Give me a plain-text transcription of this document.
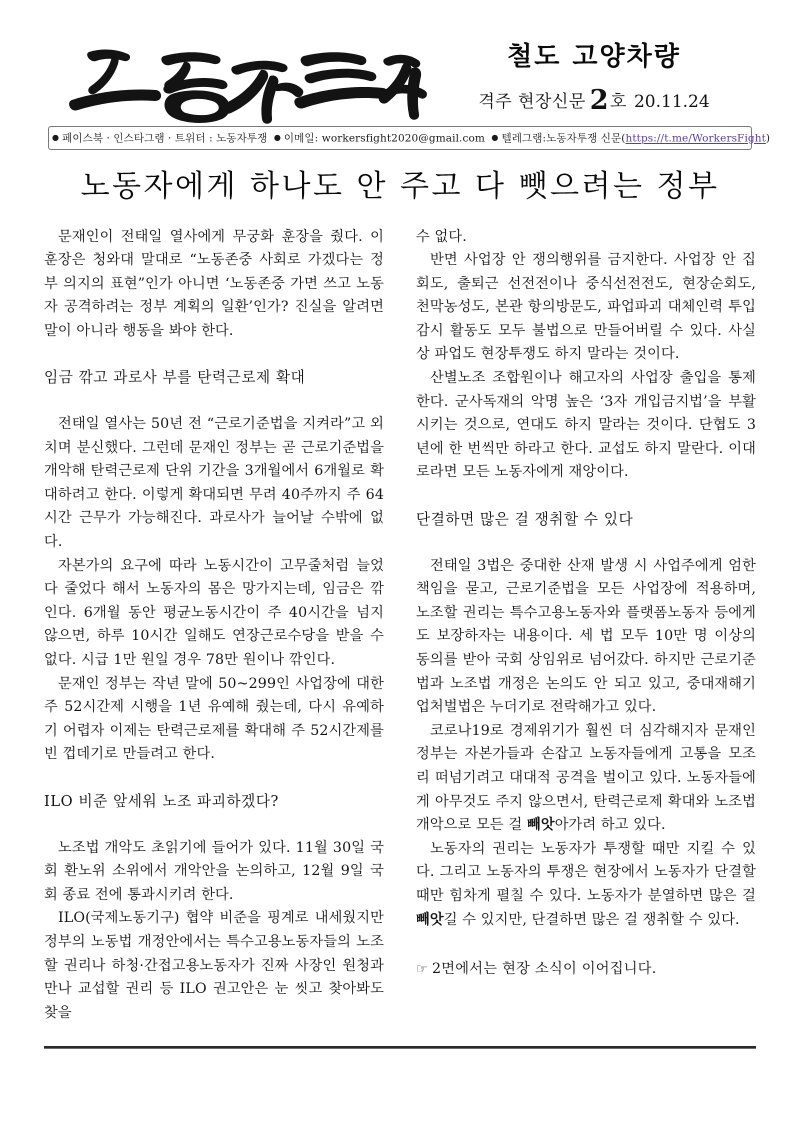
철도 고양차량
격주 현장신문 2호 20.11.24
● 페이스북 · 인스타그램 · 트위터 : 노동자투쟁 ● 이메일: workersfight2020@gmail.com ● 텔레그램:노동자투쟁 신문(https://t.me/WorkersFight)
노동자에게 하나도 안 주고 다 뺏으려는 정부

문재인이 전태일 열사에게 무궁화 훈장을 줬다. 이 훈장은 청와대 말대로 “노동존중 사회로 가겠다는 정부 의지의 표현”인가 아니면 ‘노동존중 가면 쓰고 노동자 공격하려는 정부 계획의 일환’인가? 진실을 알려면 말이 아니라 행동을 봐야 한다.

임금 깎고 과로사 부를 탄력근로제 확대

전태일 열사는 50년 전 “근로기준법을 지켜라”고 외치며 분신했다. 그런데 문재인 정부는 곧 근로기준법을 개악해 탄력근로제 단위 기간을 3개월에서 6개월로 확대하려고 한다. 이렇게 확대되면 무려 40주까지 주 64시간 근무가 가능해진다. 과로사가 늘어날 수밖에 없다.

자본가의 요구에 따라 노동시간이 고무줄처럼 늘었다 줄었다 해서 노동자의 몸은 망가지는데, 임금은 깎인다. 6개월 동안 평균노동시간이 주 40시간을 넘지 않으면, 하루 10시간 일해도 연장근로수당을 받을 수 없다. 시급 1만 원일 경우 78만 원이나 깎인다.

문재인 정부는 작년 말에 50~299인 사업장에 대한 주 52시간제 시행을 1년 유예해 줬는데, 다시 유예하기 어렵자 이제는 탄력근로제를 확대해 주 52시간제를 빈 껍데기로 만들려고 한다.

ILO 비준 앞세워 노조 파괴하겠다?

노조법 개악도 초읽기에 들어가 있다. 11월 30일 국회 환노위 소위에서 개악안을 논의하고, 12월 9일 국회 종료 전에 통과시키려 한다.

ILO(국제노동기구) 협약 비준을 핑계로 내세웠지만 정부의 노동법 개정안에서는 특수고용노동자들의 노조할 권리나 하청·간접고용노동자가 진짜 사장인 원청과 만나 교섭할 권리 등 ILO 권고안은 눈 씻고 찾아봐도 찾을

수 없다.

반면 사업장 안 쟁의행위를 금지한다. 사업장 안 집회도, 출퇴근 선전전이나 중식선전전도, 현장순회도, 천막농성도, 본관 항의방문도, 파업파괴 대체인력 투입 감시 활동도 모두 불법으로 만들어버릴 수 있다. 사실상 파업도 현장투쟁도 하지 말라는 것이다.

산별노조 조합원이나 해고자의 사업장 출입을 통제한다. 군사독재의 악명 높은 ‘3자 개입금지법’을 부활시키는 것으로, 연대도 하지 말라는 것이다. 단협도 3년에 한 번씩만 하라고 한다. 교섭도 하지 말란다. 이대로라면 모든 노동자에게 재앙이다.

단결하면 많은 걸 쟁취할 수 있다

전태일 3법은 중대한 산재 발생 시 사업주에게 엄한 책임을 묻고, 근로기준법을 모든 사업장에 적용하며, 노조할 권리는 특수고용노동자와 플랫폼노동자 등에게도 보장하자는 내용이다. 세 법 모두 10만 명 이상의 동의를 받아 국회 상임위로 넘어갔다. 하지만 근로기준법과 노조법 개정은 논의도 안 되고 있고, 중대재해기업처벌법은 누더기로 전락해가고 있다.

코로나19로 경제위기가 훨씬 더 심각해지자 문재인 정부는 자본가들과 손잡고 노동자들에게 고통을 모조리 떠넘기려고 대대적 공격을 벌이고 있다. 노동자들에게 아무것도 주지 않으면서, 탄력근로제 확대와 노조법 개악으로 모든 걸 빼앗아가려 하고 있다.

노동자의 권리는 노동자가 투쟁할 때만 지킬 수 있다. 그리고 노동자의 투쟁은 현장에서 노동자가 단결할 때만 힘차게 펼칠 수 있다. 노동자가 분열하면 많은 걸 빼앗길 수 있지만, 단결하면 많은 걸 쟁취할 수 있다.

☞ 2면에서는 현장 소식이 이어집니다.
